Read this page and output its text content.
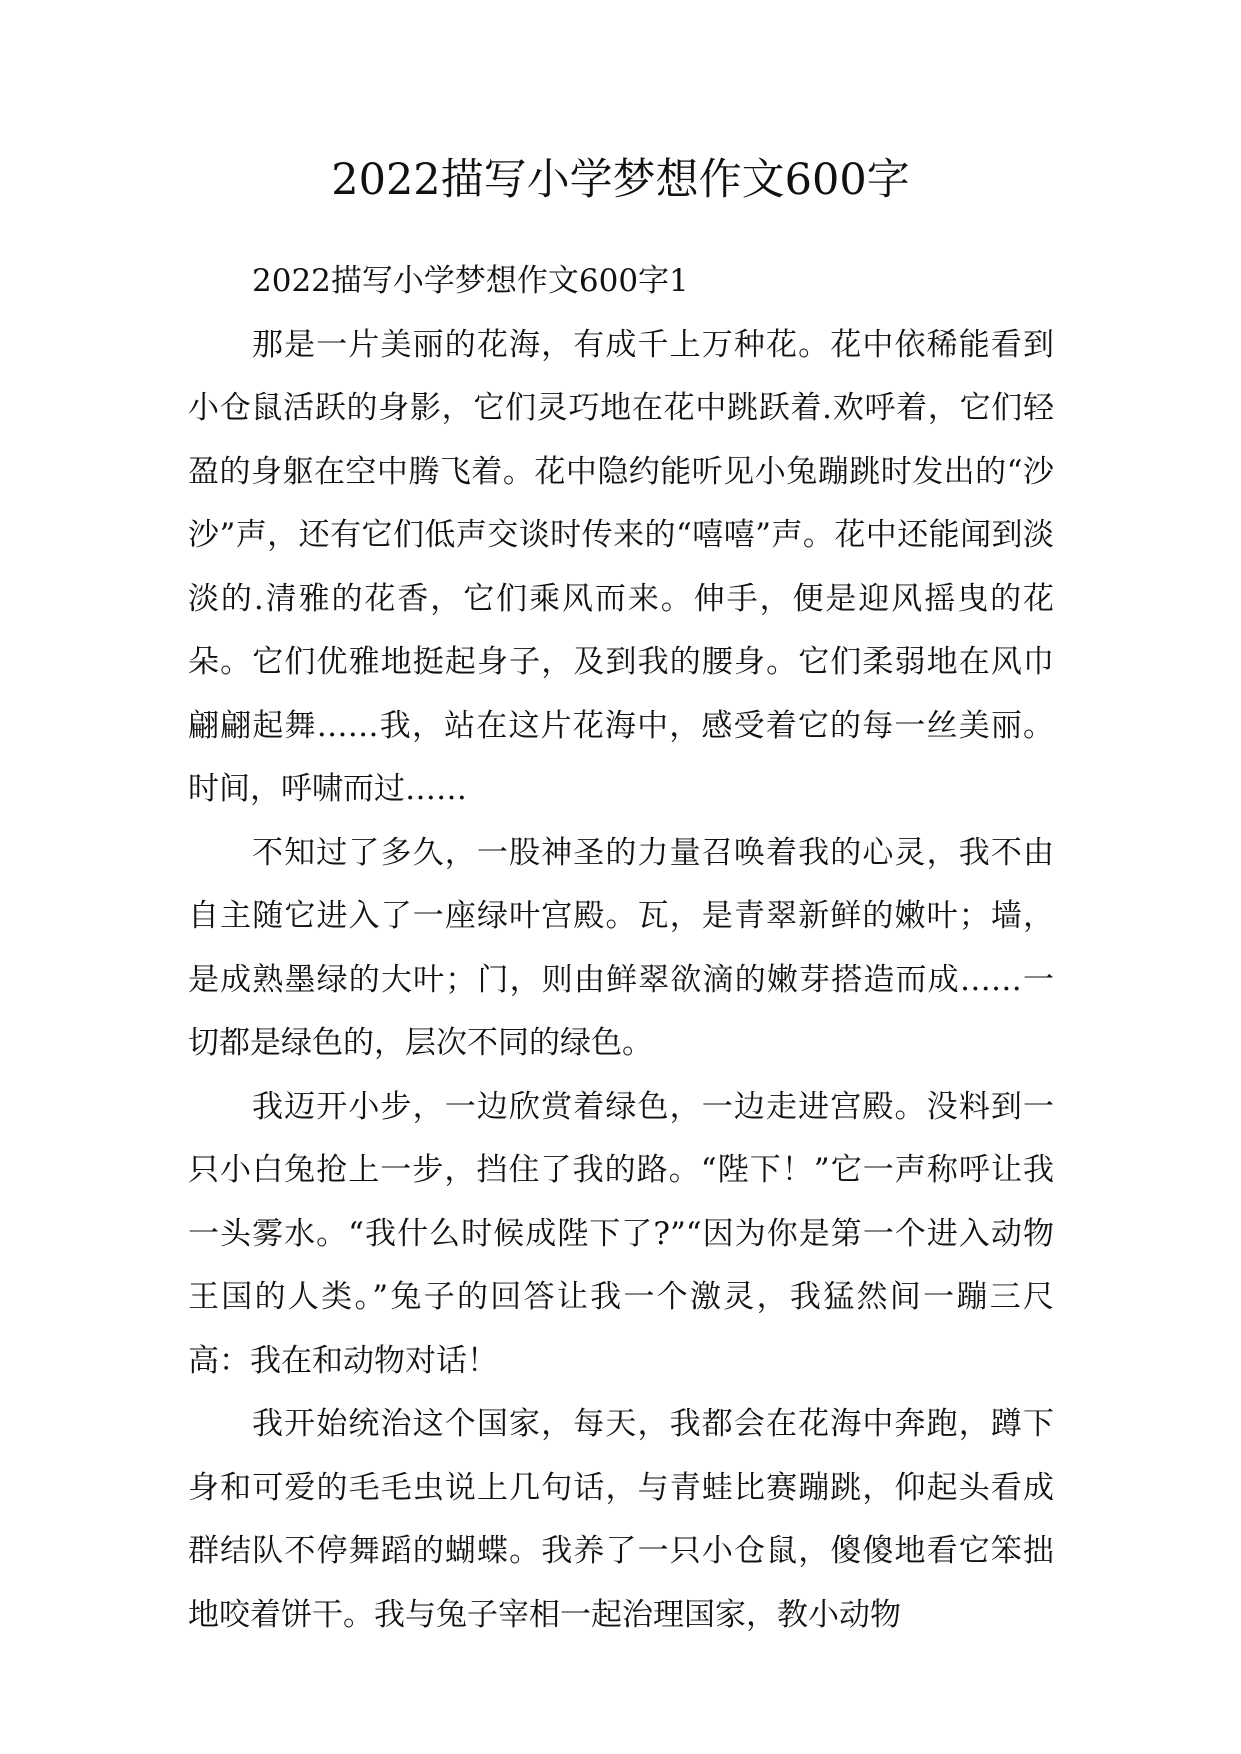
2022描写小学梦想作文600字

2022描写小学梦想作文600字1

那是一片美丽的花海，有成千上万种花。花中依稀能看到小仓鼠活跃的身影，它们灵巧地在花中跳跃着.欢呼着，它们轻盈的身躯在空中腾飞着。花中隐约能听见小兔蹦跳时发出的“沙沙”声，还有它们低声交谈时传来的“嘻嘻”声。花中还能闻到淡淡的.清雅的花香，它们乘风而来。伸手，便是迎风摇曳的花朵。它们优雅地挺起身子，及到我的腰身。它们柔弱地在风巾翩翩起舞……我，站在这片花海中，感受着它的每一丝美丽。时间，呼啸而过……

不知过了多久，一股神圣的力量召唤着我的心灵，我不由自主随它进入了一座绿叶宫殿。瓦，是青翠新鲜的嫩叶；墙，是成熟墨绿的大叶；门，则由鲜翠欲滴的嫩芽搭造而成……一切都是绿色的，层次不同的绿色。

我迈开小步，一边欣赏着绿色，一边走进宫殿。没料到一只小白兔抢上一步，挡住了我的路。“陛下！”它一声称呼让我一头雾水。“我什么时候成陛下了?”“因为你是第一个进入动物王国的人类。”兔子的回答让我一个激灵，我猛然间一蹦三尺高：我在和动物对话！

我开始统治这个国家，每天，我都会在花海中奔跑，蹲下身和可爱的毛毛虫说上几句话，与青蛙比赛蹦跳，仰起头看成群结队不停舞蹈的蝴蝶。我养了一只小仓鼠，傻傻地看它笨拙地咬着饼干。我与兔子宰相一起治理国家，教小动物
